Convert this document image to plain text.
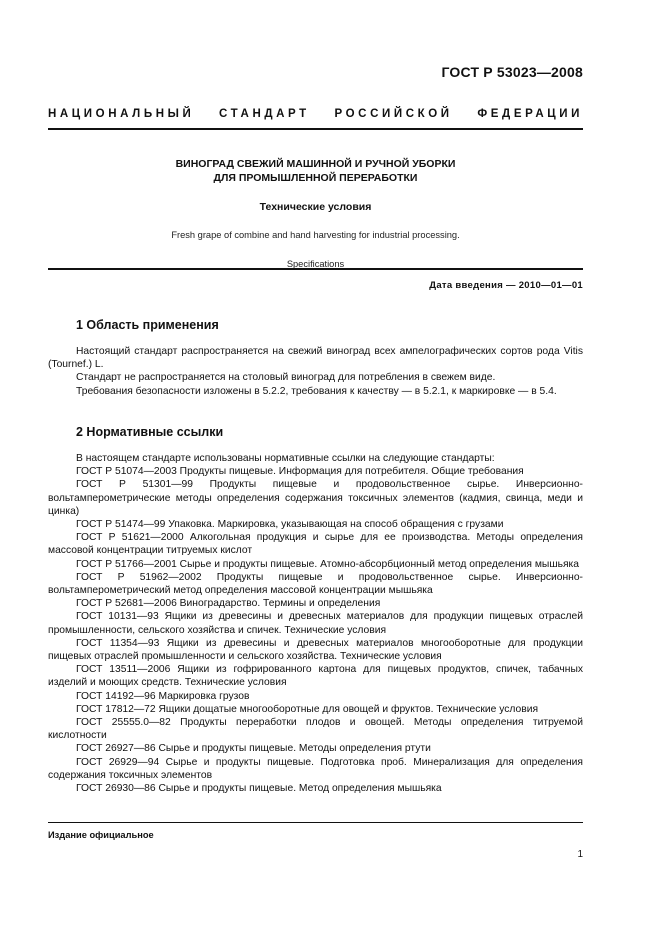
ГОСТ Р 53023—2008
НАЦИОНАЛЬНЫЙ СТАНДАРТ РОССИЙСКОЙ ФЕДЕРАЦИИ
ВИНОГРАД СВЕЖИЙ МАШИННОЙ И РУЧНОЙ УБОРКИ
ДЛЯ ПРОМЫШЛЕННОЙ ПЕРЕРАБОТКИ
Технические условия
Fresh grape of combine and hand harvesting for industrial processing.
Specifications
Дата введения — 2010—01—01
1 Область применения

Настоящий стандарт распространяется на свежий виноград всех ампелографических сортов рода Vitis (Tournef.) L.

Стандарт не распространяется на столовый виноград для потребления в свежем виде.

Требования безопасности изложены в 5.2.2, требования к качеству — в 5.2.1, к маркировке — в 5.4.

2 Нормативные ссылки

В настоящем стандарте использованы нормативные ссылки на следующие стандарты:

ГОСТ Р 51074—2003 Продукты пищевые. Информация для потребителя. Общие требования

ГОСТ Р 51301—99 Продукты пищевые и продовольственное сырье. Инверсионно-вольтамперометрические методы определения содержания токсичных элементов (кадмия, свинца, меди и цинка)

ГОСТ Р 51474—99 Упаковка. Маркировка, указывающая на способ обращения с грузами

ГОСТ Р 51621—2000 Алкогольная продукция и сырье для ее производства. Методы определения массовой концентрации титруемых кислот

ГОСТ Р 51766—2001 Сырье и продукты пищевые. Атомно-абсорбционный метод определения мышьяка

ГОСТ Р 51962—2002 Продукты пищевые и продовольственное сырье. Инверсионно-вольтамперометрический метод определения массовой концентрации мышьяка

ГОСТ Р 52681—2006 Виноградарство. Термины и определения

ГОСТ 10131—93 Ящики из древесины и древесных материалов для продукции пищевых отраслей промышленности, сельского хозяйства и спичек. Технические условия

ГОСТ 11354—93 Ящики из древесины и древесных материалов многооборотные для продукции пищевых отраслей промышленности и сельского хозяйства. Технические условия

ГОСТ 13511—2006 Ящики из гофрированного картона для пищевых продуктов, спичек, табачных изделий и моющих средств. Технические условия

ГОСТ 14192—96 Маркировка грузов

ГОСТ 17812—72 Ящики дощатые многооборотные для овощей и фруктов. Технические условия

ГОСТ 25555.0—82 Продукты переработки плодов и овощей. Методы определения титруемой кислотности

ГОСТ 26927—86 Сырье и продукты пищевые. Методы определения ртути

ГОСТ 26929—94 Сырье и продукты пищевые. Подготовка проб. Минерализация для определения содержания токсичных элементов

ГОСТ 26930—86 Сырье и продукты пищевые. Метод определения мышьяка

Издание официальное
1
